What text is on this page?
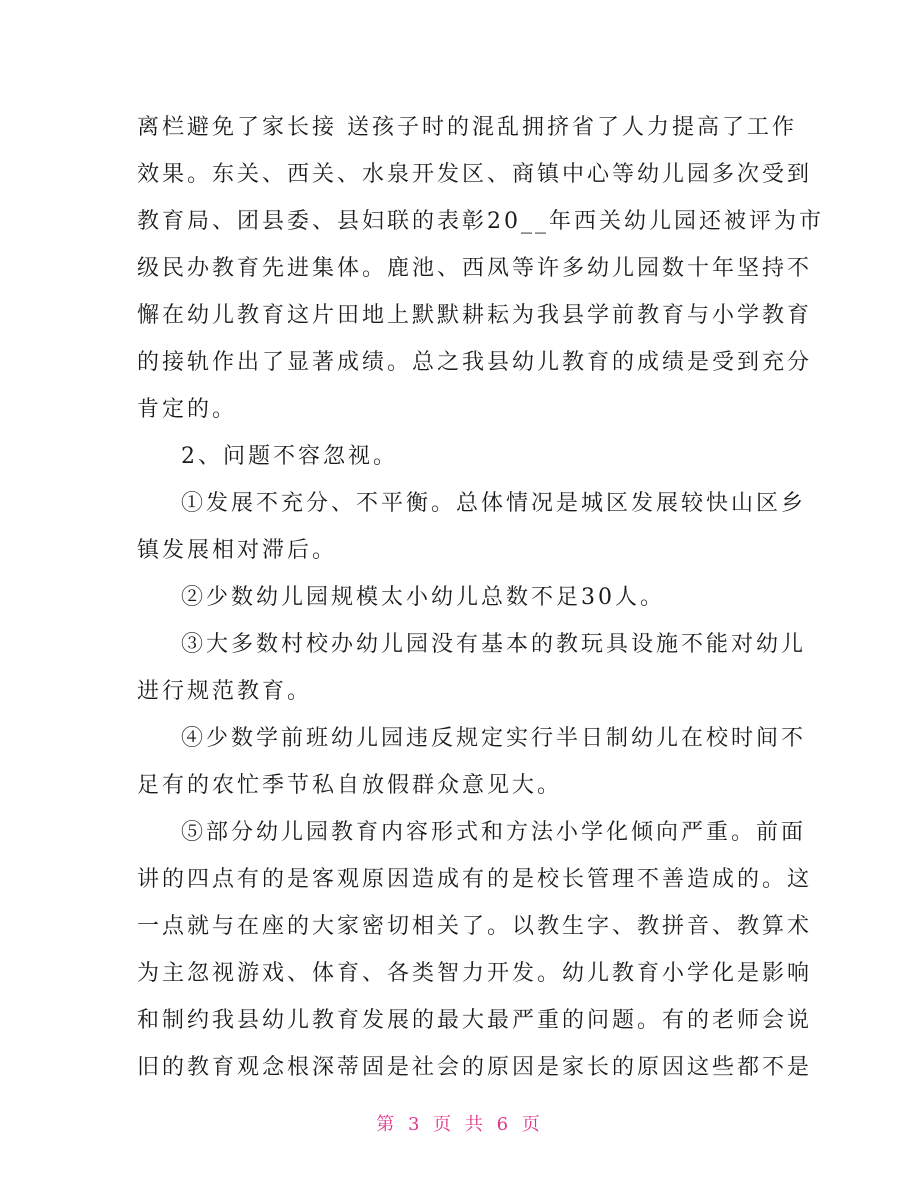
离栏避免了家长接 送孩子时的混乱拥挤省了人力提高了工作
效果。东关、西关、水泉开发区、商镇中心等幼儿园多次受到
教育局、团县委、县妇联的表彰20__年西关幼儿园还被评为市
级民办教育先进集体。鹿池、西凤等许多幼儿园数十年坚持不
懈在幼儿教育这片田地上默默耕耘为我县学前教育与小学教育
的接轨作出了显著成绩。总之我县幼儿教育的成绩是受到充分
肯定的。
2、问题不容忽视。
①发展不充分、不平衡。总体情况是城区发展较快山区乡
镇发展相对滞后。
②少数幼儿园规模太小幼儿总数不足30人。
③大多数村校办幼儿园没有基本的教玩具设施不能对幼儿
进行规范教育。
④少数学前班幼儿园违反规定实行半日制幼儿在校时间不
足有的农忙季节私自放假群众意见大。
⑤部分幼儿园教育内容形式和方法小学化倾向严重。前面
讲的四点有的是客观原因造成有的是校长管理不善造成的。这
一点就与在座的大家密切相关了。以教生字、教拼音、教算术
为主忽视游戏、体育、各类智力开发。幼儿教育小学化是影响
和制约我县幼儿教育发展的最大最严重的问题。有的老师会说
旧的教育观念根深蒂固是社会的原因是家长的原因这些都不是
第 3 页 共 6 页
